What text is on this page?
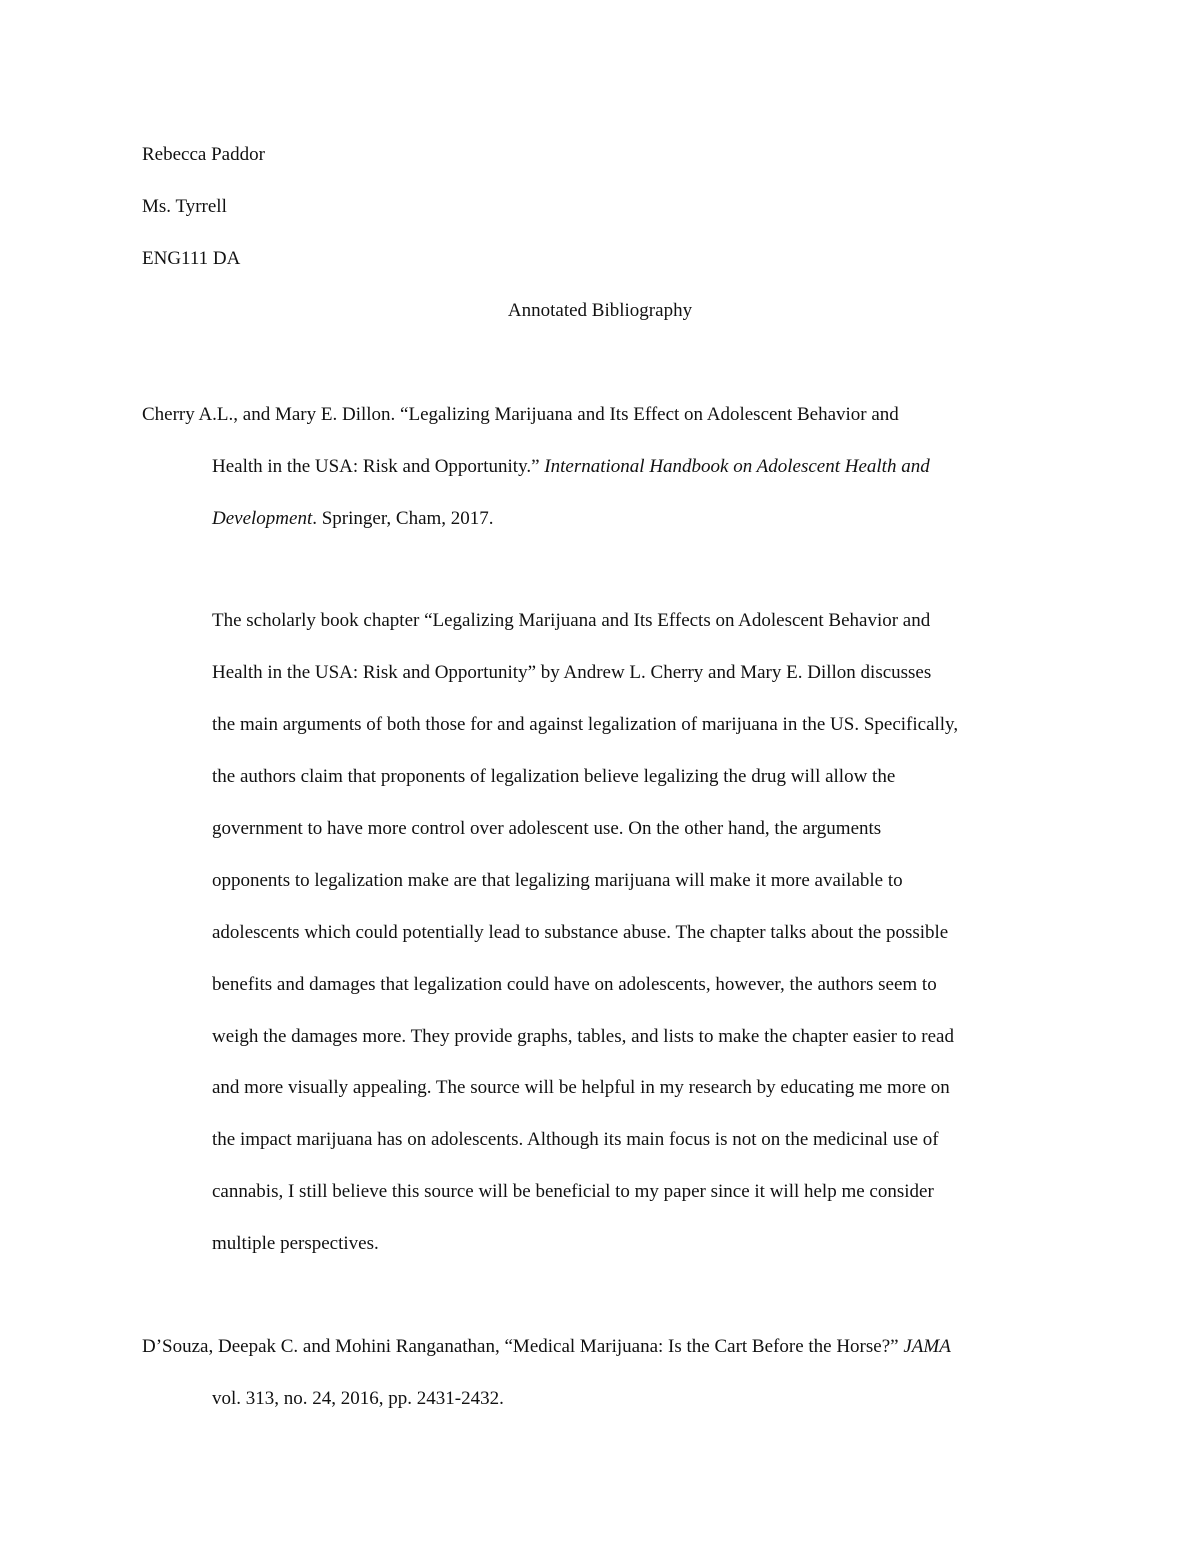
Rebecca Paddor
Ms. Tyrrell
ENG111 DA
Annotated Bibliography
Cherry A.L., and Mary E. Dillon. “Legalizing Marijuana and Its Effect on Adolescent Behavior and
Health in the USA: Risk and Opportunity.” International Handbook on Adolescent Health and
Development. Springer, Cham, 2017.
The scholarly book chapter “Legalizing Marijuana and Its Effects on Adolescent Behavior and
Health in the USA: Risk and Opportunity” by Andrew L. Cherry and Mary E. Dillon discusses
the main arguments of both those for and against legalization of marijuana in the US. Specifically,
the authors claim that proponents of legalization believe legalizing the drug will allow the
government to have more control over adolescent use. On the other hand, the arguments
opponents to legalization make are that legalizing marijuana will make it more available to
adolescents which could potentially lead to substance abuse. The chapter talks about the possible
benefits and damages that legalization could have on adolescents, however, the authors seem to
weigh the damages more. They provide graphs, tables, and lists to make the chapter easier to read
and more visually appealing. The source will be helpful in my research by educating me more on
the impact marijuana has on adolescents. Although its main focus is not on the medicinal use of
cannabis, I still believe this source will be beneficial to my paper since it will help me consider
multiple perspectives.
D’Souza, Deepak C. and Mohini Ranganathan, “Medical Marijuana: Is the Cart Before the Horse?” JAMA
vol. 313, no. 24, 2016, pp. 2431-2432.
